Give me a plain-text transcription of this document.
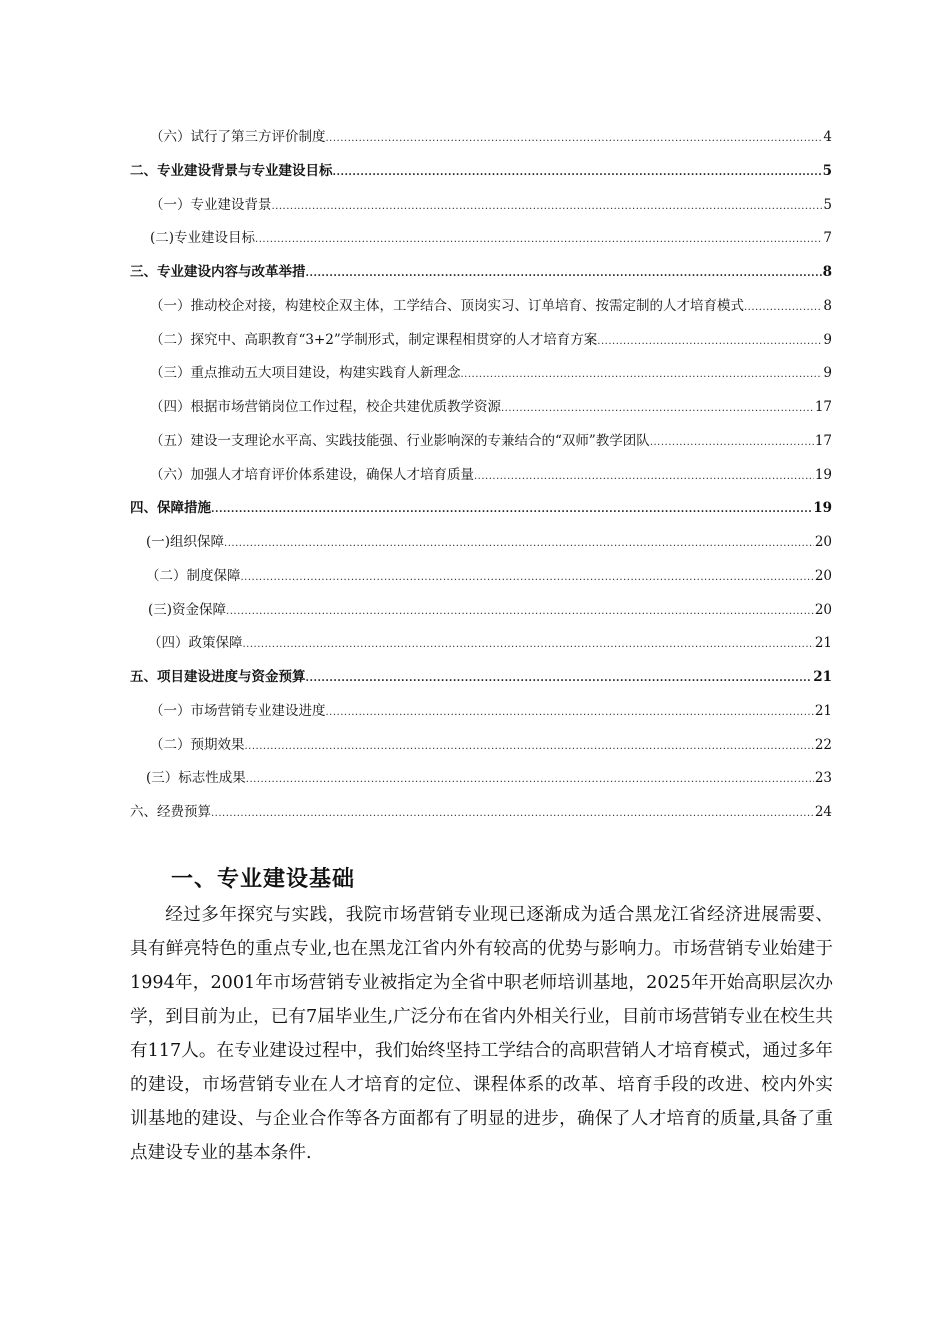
（六）试行了第三方评价制度 .....	4
二、专业建设背景与专业建设目标 .....	5
（一）专业建设背景 .....	5
(二)专业建设目标 .....	7
三、专业建设内容与改革举措 .....	8
（一）推动校企对接，构建校企双主体，工学结合、顶岗实习、订单培育、按需定制的人才培育模式 .....	8
（二）探究中、高职教育“3+2”学制形式，制定课程相贯穿的人才培育方案 .....	9
（三）重点推动五大项目建设，构建实践育人新理念 .....	9
（四）根据市场营销岗位工作过程，校企共建优质教学资源 .....	17
（五）建设一支理论水平高、实践技能强、行业影响深的专兼结合的“双师”教学团队 .....	17
（六）加强人才培育评价体系建设，确保人才培育质量 .....	19
四、保障措施 .....	19
(一)组织保障 .....	20
（二）制度保障 .....	20
(三)资金保障 .....	20
（四）政策保障 .....	21
五、项目建设进度与资金预算 .....	21
（一）市场营销专业建设进度 .....	21
（二）预期效果 .....	22
(三）标志性成果 .....	23
六、经费预算 .....	24
一、专业建设基础

经过多年探究与实践，我院市场营销专业现已逐渐成为适合黑龙江省经济进展需要、具有鲜亮特色的重点专业,也在黑龙江省内外有较高的优势与影响力。市场营销专业始建于1994年，2001年市场营销专业被指定为全省中职老师培训基地，2025年开始高职层次办学，到目前为止，已有7届毕业生,广泛分布在省内外相关行业，目前市场营销专业在校生共有117人。在专业建设过程中，我们始终坚持工学结合的高职营销人才培育模式，通过多年的建设，市场营销专业在人才培育的定位、课程体系的改革、培育手段的改进、校内外实训基地的建设、与企业合作等各方面都有了明显的进步，确保了人才培育的质量,具备了重点建设专业的基本条件.
